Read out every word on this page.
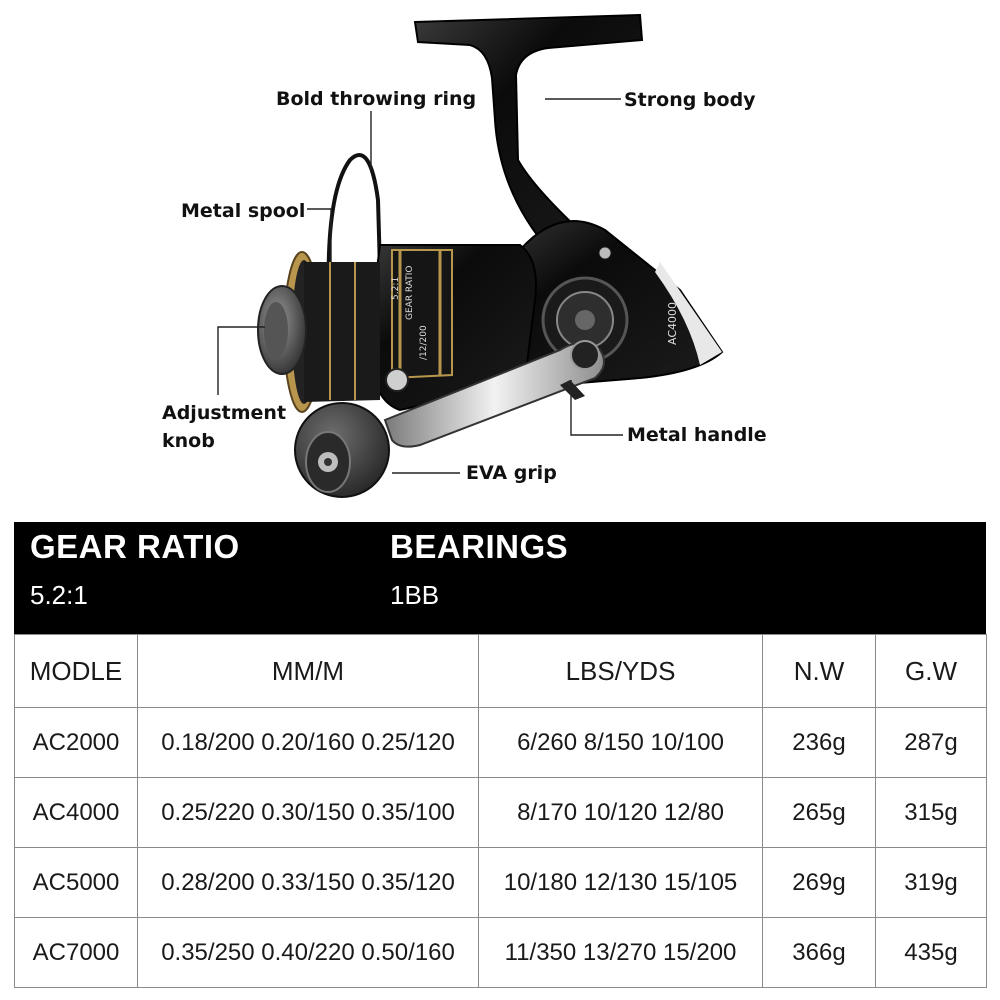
AC4000
5.2:1 GEAR RATIO
/12/200
Bold throwing ring	Strong body
Metal spool
Adjustment knob	Metal handle
EVA grip
GEAR RATIO
5.2:1
BEARINGS
1BB
MODLE	MM/M	LBS/YDS	N.W	G.W
AC2000	0.18/200 0.20/160 0.25/120	6/260 8/150 10/100	236g	287g
AC4000	0.25/220 0.30/150 0.35/100	8/170 10/120 12/80	265g	315g
AC5000	0.28/200 0.33/150 0.35/120	10/180 12/130 15/105	269g	319g
AC7000	0.35/250 0.40/220 0.50/160	11/350 13/270 15/200	366g	435g
